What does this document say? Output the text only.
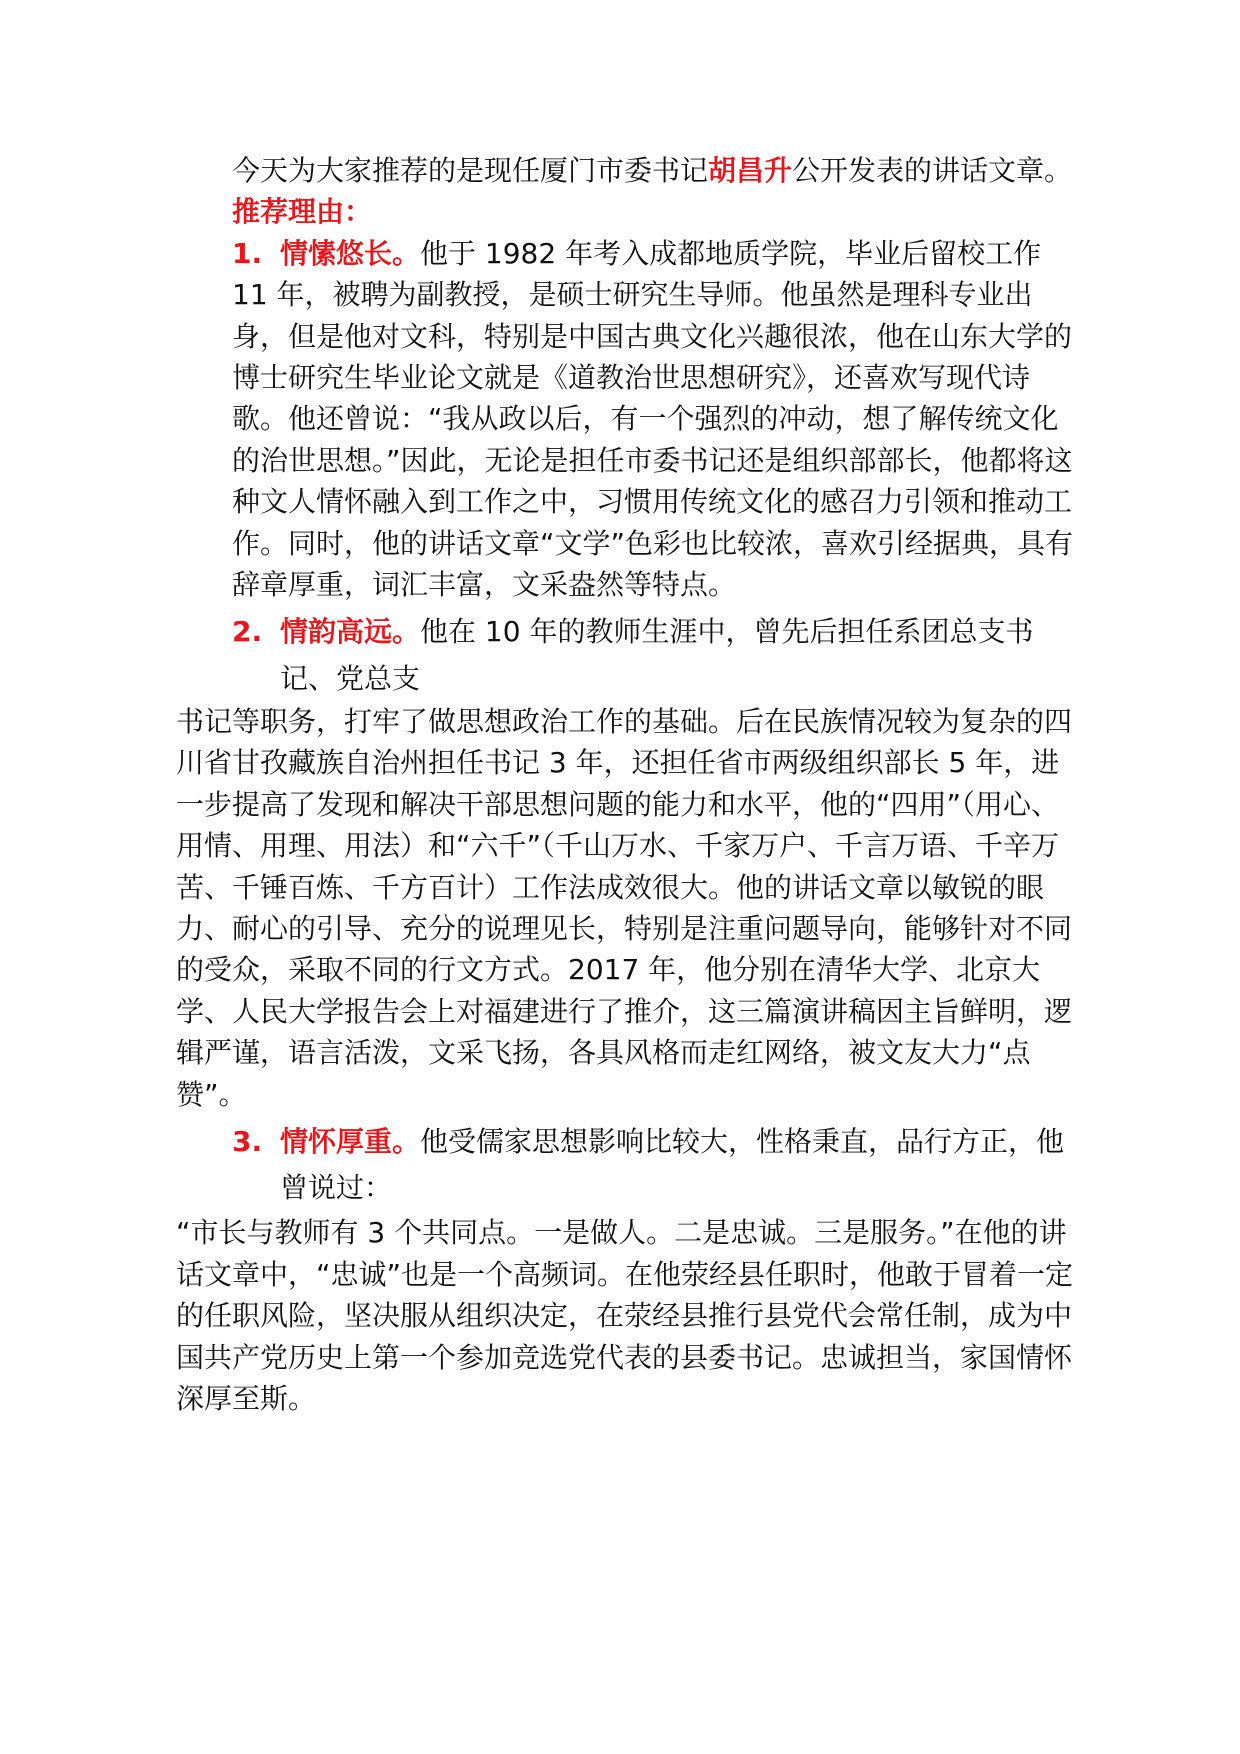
今天为大家推荐的是现任厦门市委书记胡昌升公开发表的讲话文章。

推荐理由：

1. 情愫悠长。他于 1982 年考入成都地质学院，毕业后留校工作 11 年，被聘为副教授，是硕士研究生导师。他虽然是理科专业出身，但是他对文科，特别是中国古典文化兴趣很浓，他在山东大学的博士研究生毕业论文就是《道教治世思想研究》，还喜欢写现代诗歌。他还曾说：“我从政以后，有一个强烈的冲动，想了解传统文化的治世思想。”因此，无论是担任市委书记还是组织部部长，他都将这种文人情怀融入到工作之中，习惯用传统文化的感召力引领和推动工作。同时，他的讲话文章“文学”色彩也比较浓，喜欢引经据典，具有辞章厚重，词汇丰富，文采盎然等特点。

2. 情韵高远。他在 10 年的教师生涯中，曾先后担任系团总支书

记、党总支

书记等职务，打牢了做思想政治工作的基础。后在民族情况较为复杂的四川省甘孜藏族自治州担任书记 3 年，还担任省市两级组织部长 5 年，进一步提高了发现和解决干部思想问题的能力和水平，他的“四用”（用心、用情、用理、用法）和“六千”（千山万水、千家万户、千言万语、千辛万苦、千锤百炼、千方百计）工作法成效很大。他的讲话文章以敏锐的眼力、耐心的引导、充分的说理见长，特别是注重问题导向，能够针对不同的受众，采取不同的行文方式。2017 年，他分别在清华大学、北京大学、人民大学报告会上对福建进行了推介，这三篇演讲稿因主旨鲜明，逻辑严谨，语言活泼，文采飞扬，各具风格而走红网络，被文友大力“点赞”。

3. 情怀厚重。他受儒家思想影响比较大，性格秉直，品行方正，他

曾说过：

“市长与教师有 3 个共同点。一是做人。二是忠诚。三是服务。”在他的讲话文章中，“忠诚”也是一个高频词。在他荥经县任职时，他敢于冒着一定的任职风险，坚决服从组织决定，在荥经县推行县党代会常任制，成为中国共产党历史上第一个参加竞选党代表的县委书记。忠诚担当，家国情怀深厚至斯。
